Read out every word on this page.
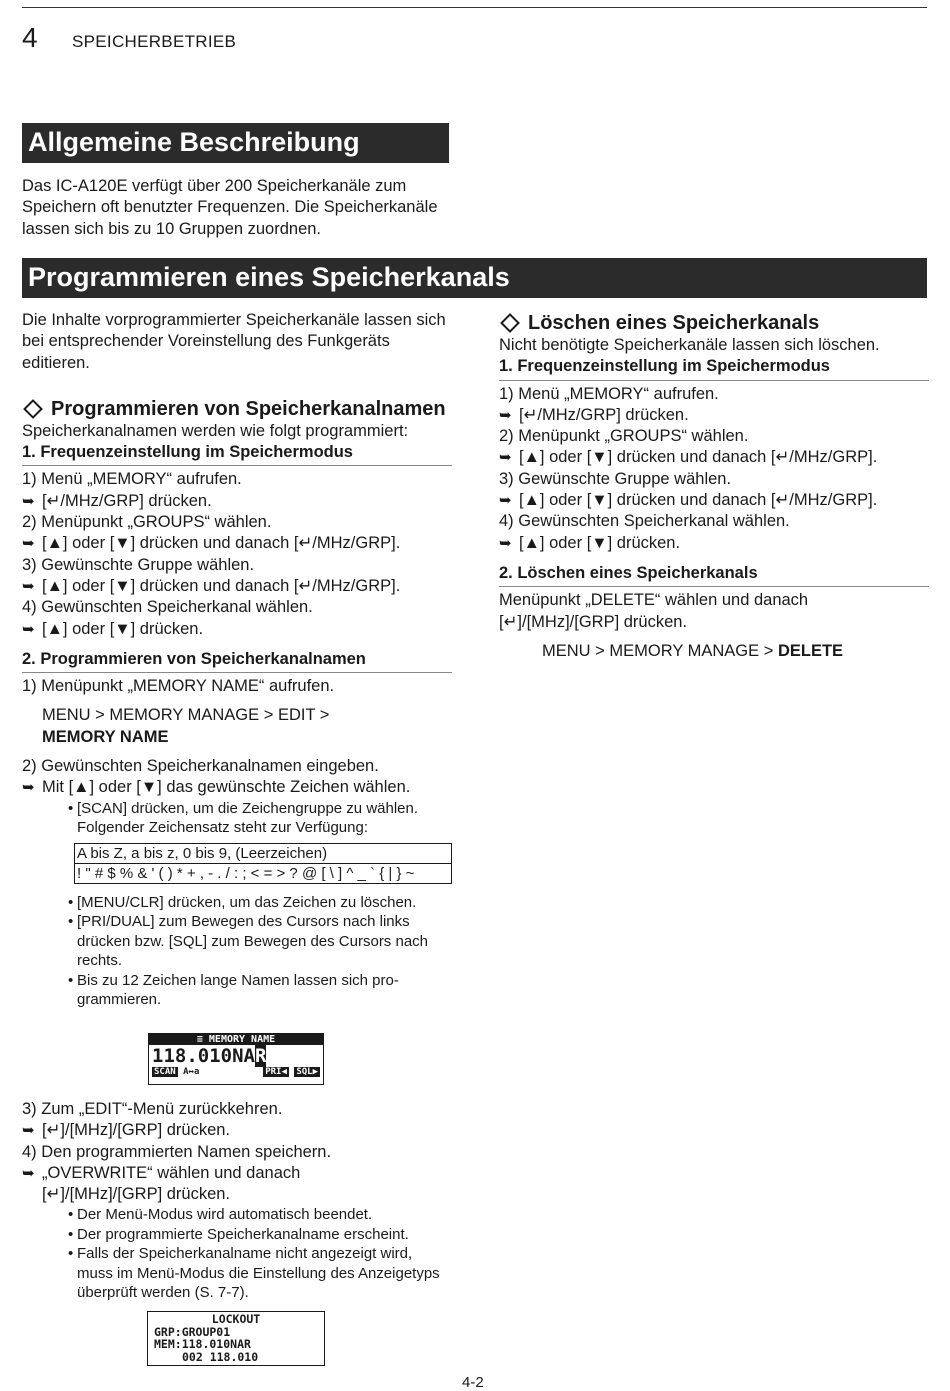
4 SPEICHERBETRIEB
Allgemeine Beschreibung
Das IC-A120E verfügt über 200 Speicherkanäle zum Speichern oft benutzter Frequenzen. Die Speicherkanäle lassen sich bis zu 10 Gruppen zuordnen.
Programmieren eines Speicherkanals

Die Inhalte vorprogrammierter Speicherkanäle lassen sich bei entsprechender Voreinstellung des Funkgeräts editieren.

Programmieren von Speicherkanalnamen

Speicherkanalnamen werden wie folgt programmiert:

1. Frequenzeinstellung im Speichermodus

1) Menü „MEMORY“ aufrufen.

➥ [↵/MHz/GRP] drücken.

2) Menüpunkt „GROUPS“ wählen.

➥ [▲] oder [▼] drücken und danach [↵/MHz/GRP].

3) Gewünschte Gruppe wählen.

➥ [▲] oder [▼] drücken und danach [↵/MHz/GRP].

4) Gewünschten Speicherkanal wählen.

➥ [▲] oder [▼] drücken.

2. Programmieren von Speicherkanalnamen

1) Menüpunkt „MEMORY NAME“ aufrufen.

MENU > MEMORY MANAGE > EDIT >
MEMORY NAME

2) Gewünschten Speicherkanalnamen eingeben.

➥ Mit [▲] oder [▼] das gewünschte Zeichen wählen.

• [SCAN] drücken, um die Zeichengruppe zu wählen. Folgender Zeichensatz steht zur Verfügung:

A bis Z, a bis z, 0 bis 9, (Leerzeichen)
! " # $ % & ' ( ) * + , - . / : ; < = > ? @ [ \ ] ^ _ ` { | } ~

• [MENU/CLR] drücken, um das Zeichen zu löschen.

• [PRI/DUAL] zum Bewegen des Cursors nach links drücken bzw. [SQL] zum Bewegen des Cursors nach rechts.

• Bis zu 12 Zeichen lange Namen lassen sich programmieren.

≡ MEMORY NAME
118.010NAR
SCAN A↔a	PRI◀ SQL▶

3) Zum „EDIT“-Menü zurückkehren.

➥ [↵]/[MHz]/[GRP] drücken.

4) Den programmierten Namen speichern.

➥ „OVERWRITE“ wählen und danach [↵]/[MHz]/[GRP] drücken.

• Der Menü-Modus wird automatisch beendet.

• Der programmierte Speicherkanalname erscheint.

• Falls der Speicherkanalname nicht angezeigt wird, muss im Menü-Modus die Einstellung des Anzeigetyps überprüft werden (S. 7-7).

LOCKOUT
GRP:GROUP01
MEM:118.010NAR
002 118.010
Löschen eines Speicherkanals

Nicht benötigte Speicherkanäle lassen sich löschen.

1. Frequenzeinstellung im Speichermodus

1) Menü „MEMORY“ aufrufen.

➥ [↵/MHz/GRP] drücken.

2) Menüpunkt „GROUPS“ wählen.

➥ [▲] oder [▼] drücken und danach [↵/MHz/GRP].

3) Gewünschte Gruppe wählen.

➥ [▲] oder [▼] drücken und danach [↵/MHz/GRP].

4) Gewünschten Speicherkanal wählen.

➥ [▲] oder [▼] drücken.

2. Löschen eines Speicherkanals

Menüpunkt „DELETE“ wählen und danach [↵]/[MHz]/[GRP] drücken.

MENU > MEMORY MANAGE > DELETE
4-2
